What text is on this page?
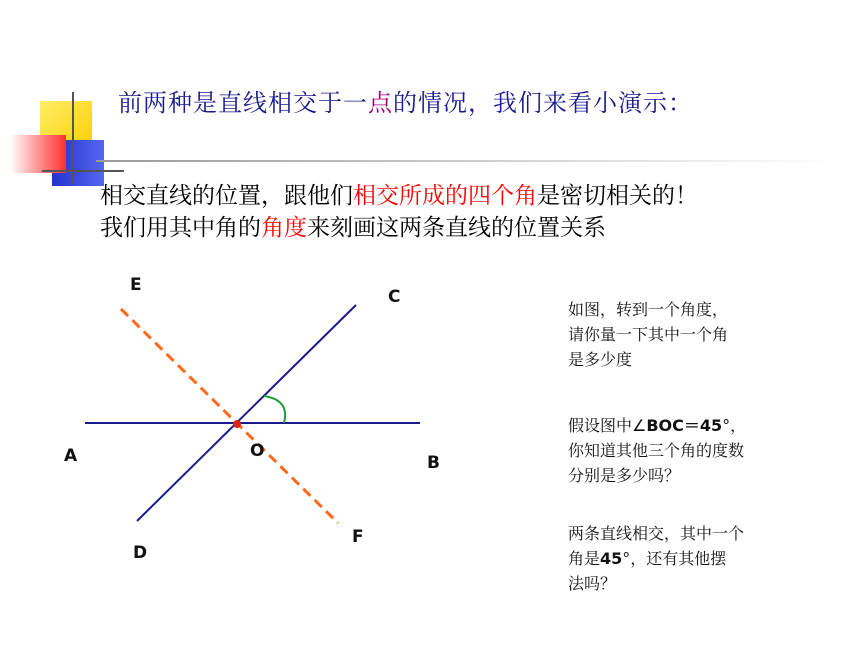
前两种是直线相交于一点的情况，我们来看小演示：
相交直线的位置，跟他们相交所成的四个角是密切相关的！
我们用其中角的角度来刻画这两条直线的位置关系
E
C
A	O
B
D
F
如图，转到一个角度，
请你量一下其中一个角
是多少度
假设图中∠BOC＝45°，
你知道其他三个角的度数
分别是多少吗？
两条直线相交，其中一个
角是45°，还有其他摆
法吗？
